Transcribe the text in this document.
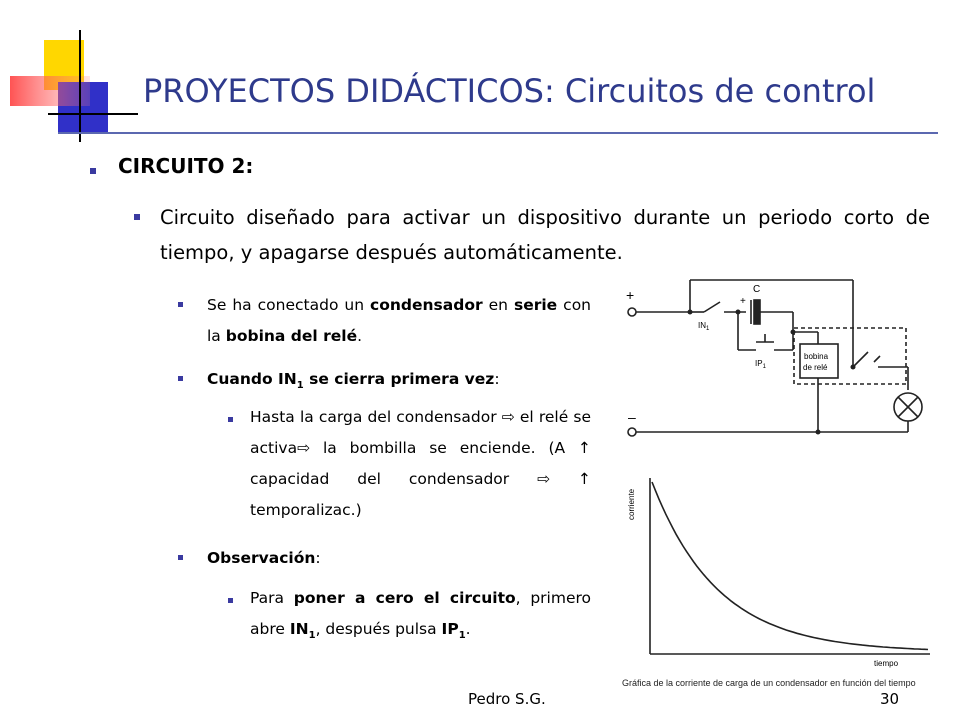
PROYECTOS DIDÁCTICOS: Circuitos de control
CIRCUITO 2:
Circuito diseñado para activar un dispositivo durante un periodo corto de tiempo, y apagarse después automáticamente.
Se ha conectado un condensador en serie con la bobina del relé.
Cuando $IN_1$ se cierra primera vez:
Hasta la carga del condensador ⇨ el relé se activa⇨ la bombilla se enciende. (A ↑ capacidad del condensador ⇨ ↑ temporalizac.)
Observación:
Para poner a cero el circuito, primero abre $IN_1$, después pulsa $IP_1$.
+
–
C
+
$IN_1$
$IP_1$
bobina
de relé
corriente
tiempo
Gráfica de la corriente de carga de un condensador en función del tiempo
Pedro S.G.	30
